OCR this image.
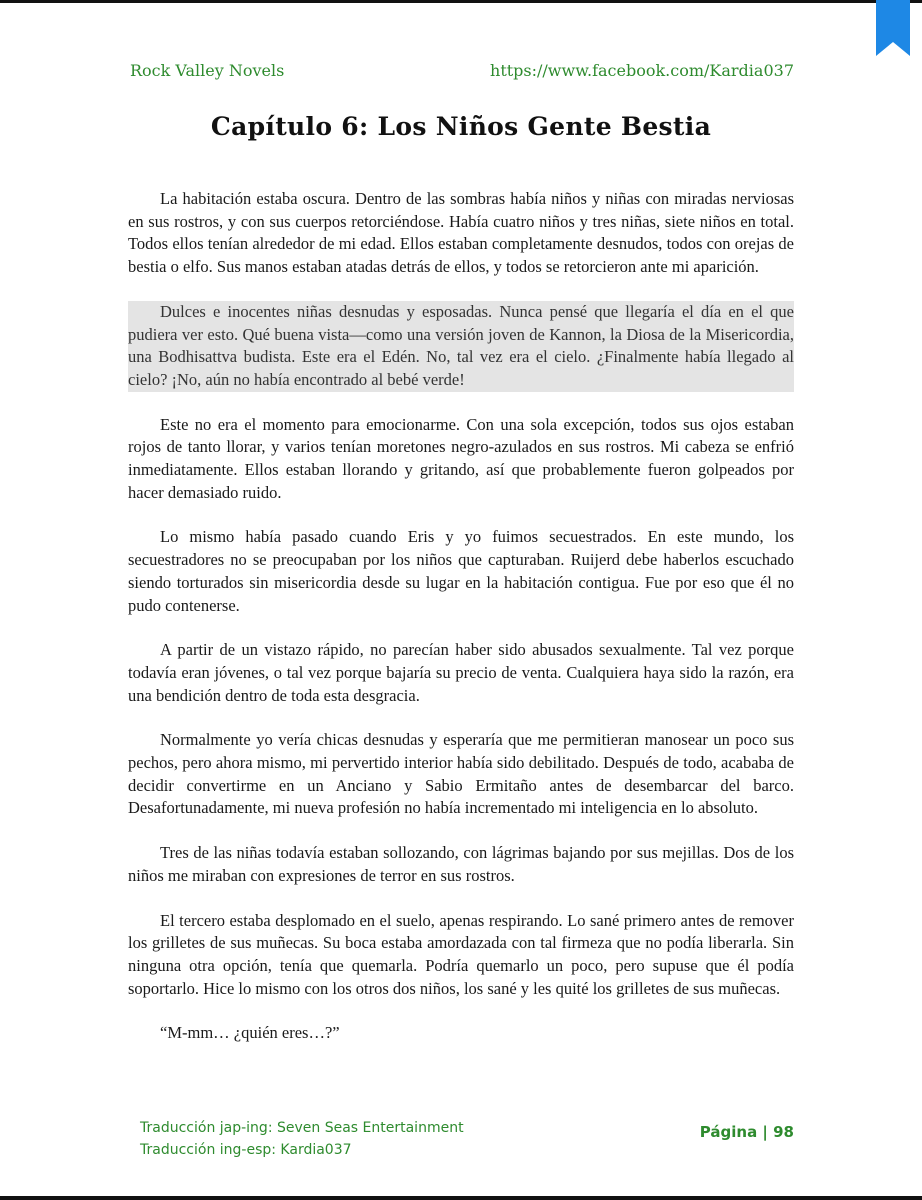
Rock Valley Novels	https://www.facebook.com/Kardia037
Capítulo 6: Los Niños Gente Bestia

La habitación estaba oscura. Dentro de las sombras había niños y niñas con miradas nerviosas en sus rostros, y con sus cuerpos retorciéndose. Había cuatro niños y tres niñas, siete niños en total. Todos ellos tenían alrededor de mi edad. Ellos estaban completamente desnudos, todos con orejas de bestia o elfo. Sus manos estaban atadas detrás de ellos, y todos se retorcieron ante mi aparición.

Dulces e inocentes niñas desnudas y esposadas. Nunca pensé que llegaría el día en el que pudiera ver esto. Qué buena vista—como una versión joven de Kannon, la Diosa de la Misericordia, una Bodhisattva budista. Este era el Edén. No, tal vez era el cielo. ¿Finalmente había llegado al cielo? ¡No, aún no había encontrado al bebé verde!

Este no era el momento para emocionarme. Con una sola excepción, todos sus ojos estaban rojos de tanto llorar, y varios tenían moretones negro-azulados en sus rostros. Mi cabeza se enfrió inmediatamente. Ellos estaban llorando y gritando, así que probablemente fueron golpeados por hacer demasiado ruido.

Lo mismo había pasado cuando Eris y yo fuimos secuestrados. En este mundo, los secuestradores no se preocupaban por los niños que capturaban. Ruijerd debe haberlos escuchado siendo torturados sin misericordia desde su lugar en la habitación contigua. Fue por eso que él no pudo contenerse.

A partir de un vistazo rápido, no parecían haber sido abusados sexualmente. Tal vez porque todavía eran jóvenes, o tal vez porque bajaría su precio de venta. Cualquiera haya sido la razón, era una bendición dentro de toda esta desgracia.

Normalmente yo vería chicas desnudas y esperaría que me permitieran manosear un poco sus pechos, pero ahora mismo, mi pervertido interior había sido debilitado. Después de todo, acababa de decidir convertirme en un Anciano y Sabio Ermitaño antes de desembarcar del barco. Desafortunadamente, mi nueva profesión no había incrementado mi inteligencia en lo absoluto.

Tres de las niñas todavía estaban sollozando, con lágrimas bajando por sus mejillas. Dos de los niños me miraban con expresiones de terror en sus rostros.

El tercero estaba desplomado en el suelo, apenas respirando. Lo sané primero antes de remover los grilletes de sus muñecas. Su boca estaba amordazada con tal firmeza que no podía liberarla. Sin ninguna otra opción, tenía que quemarla. Podría quemarlo un poco, pero supuse que él podía soportarlo. Hice lo mismo con los otros dos niños, los sané y les quité los grilletes de sus muñecas.

“M-mm… ¿quién eres…?”

Traducción jap-ing: Seven Seas Entertainment
Traducción ing-esp: Kardia037
Página | 98
